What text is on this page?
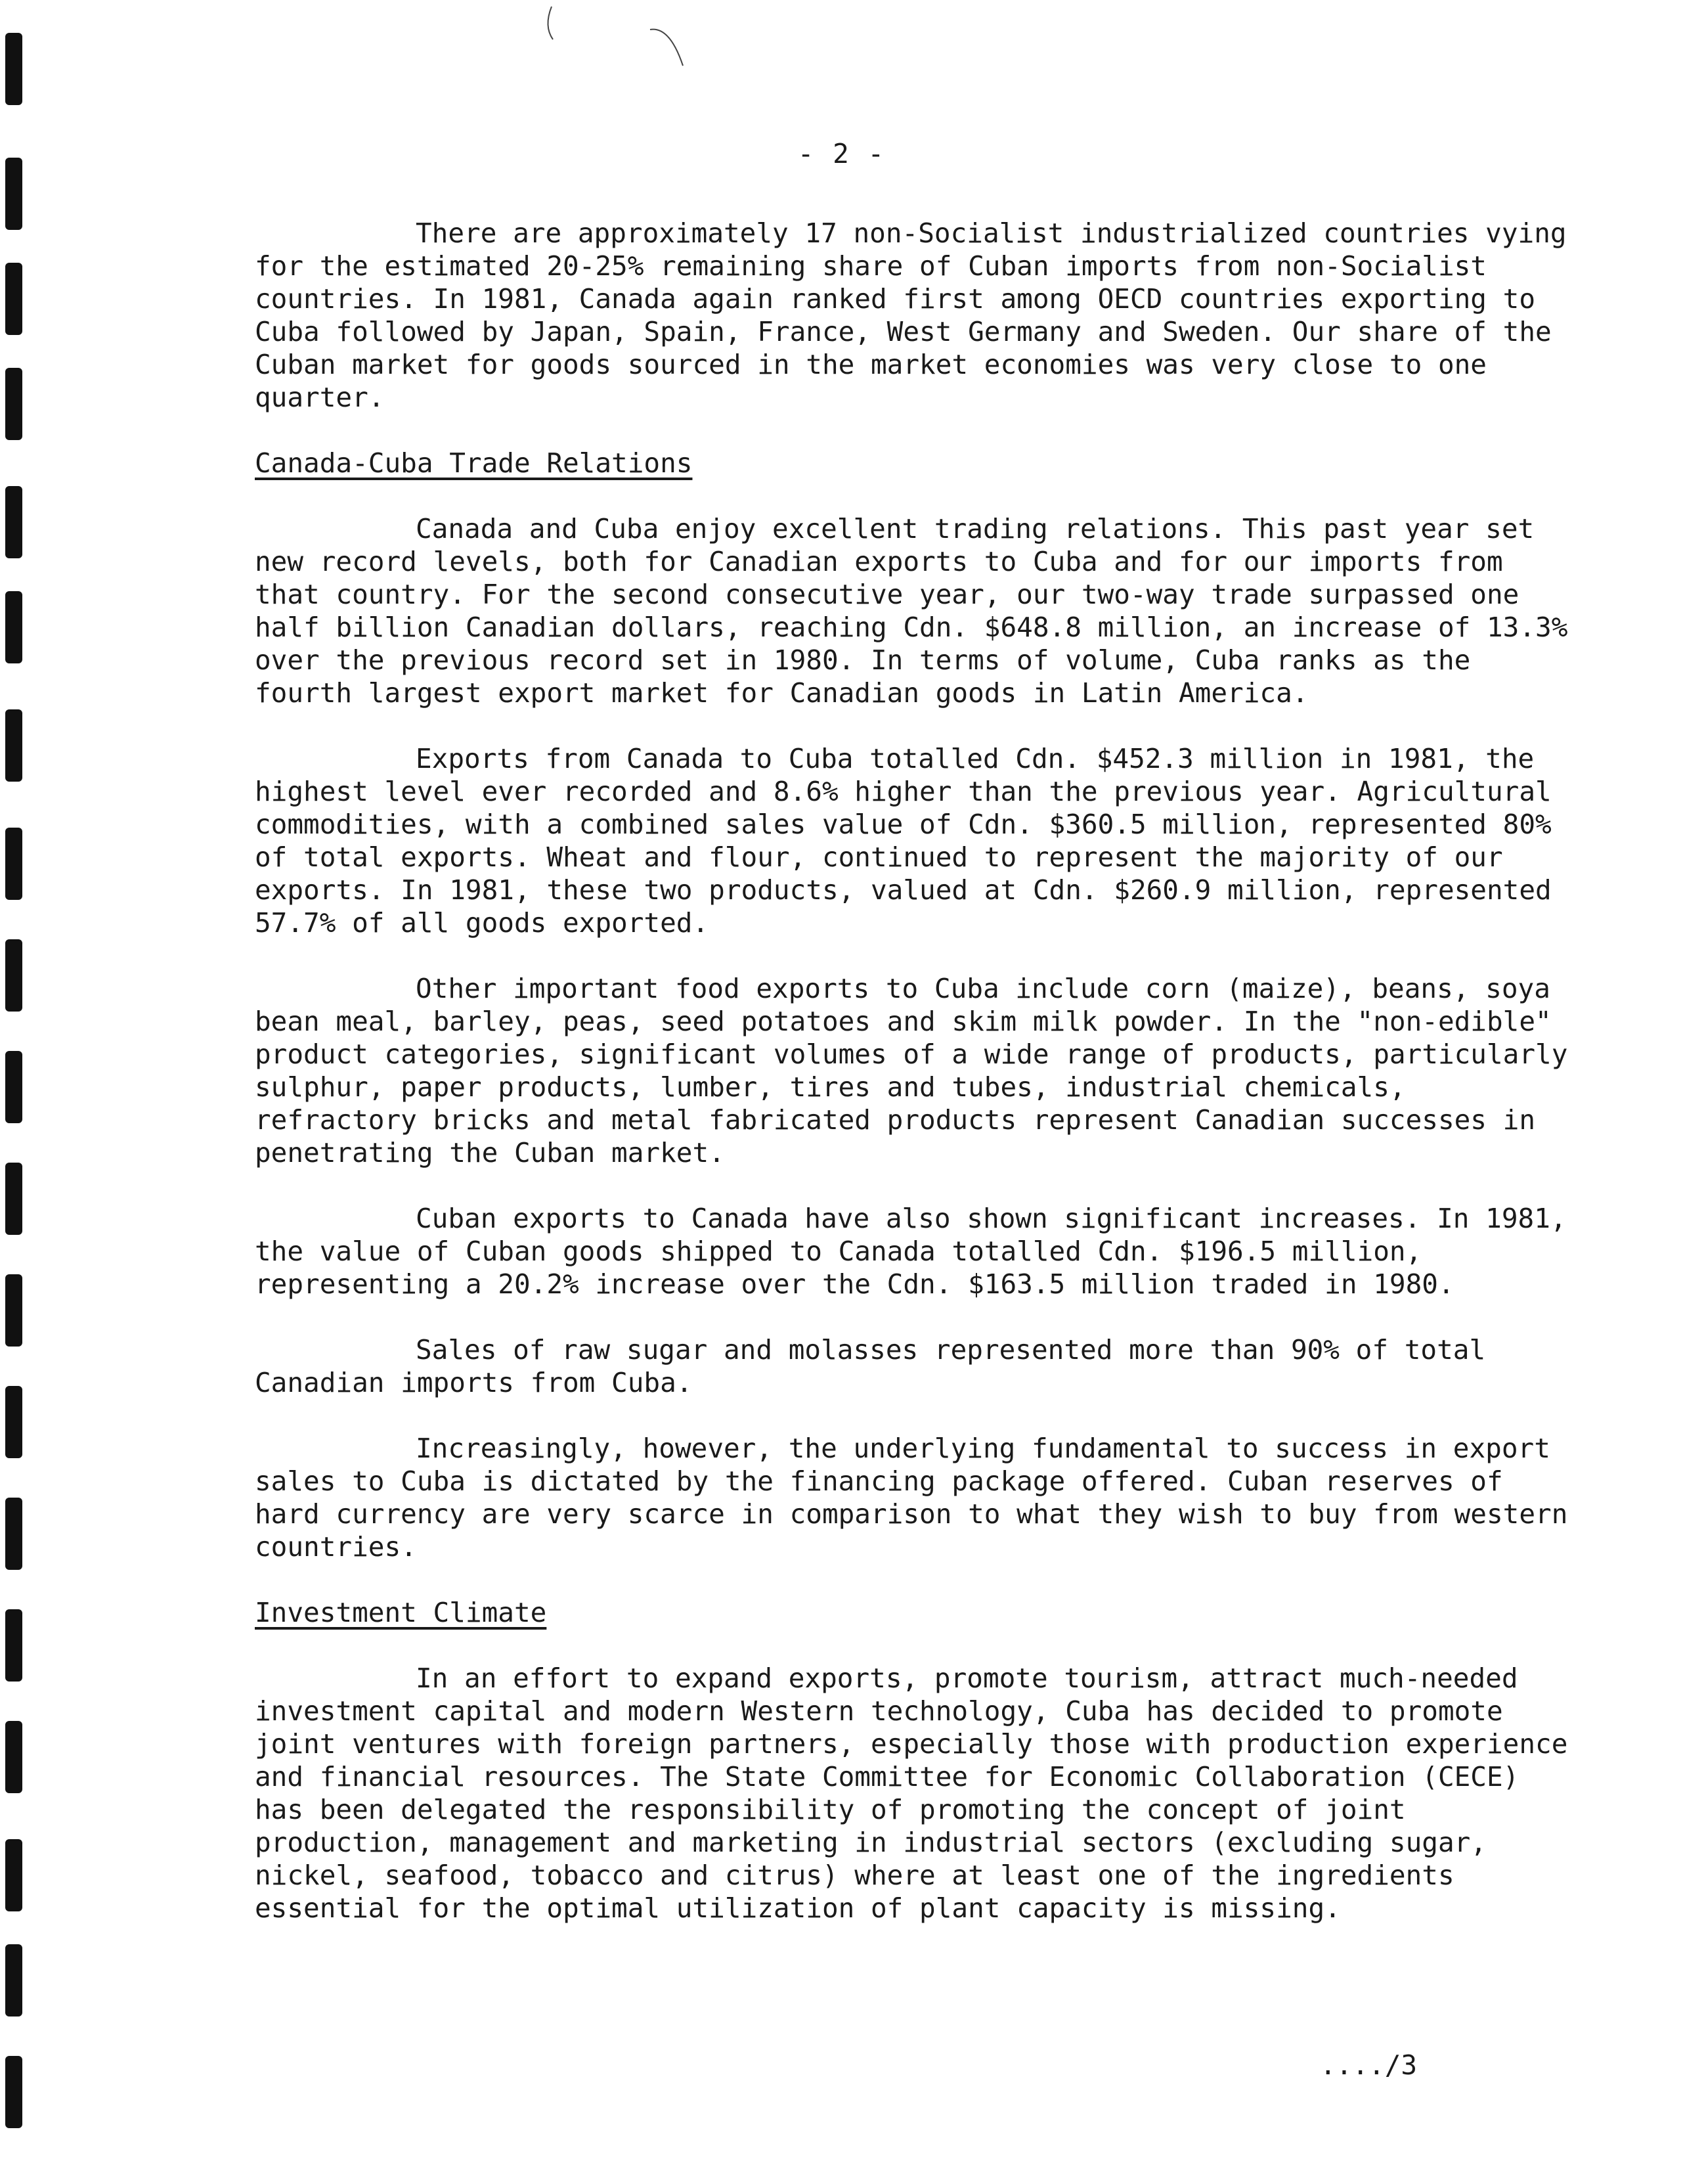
- 2 -

There are approximately 17 non-Socialist industrialized countries vying for the estimated 20-25% remaining share of Cuban imports from non-Socialist countries. In 1981, Canada again ranked first among OECD countries exporting to Cuba followed by Japan, Spain, France, West Germany and Sweden. Our share of the Cuban market for goods sourced in the market economies was very close to one quarter.

Canada-Cuba Trade Relations

Canada and Cuba enjoy excellent trading relations. This past year set new record levels, both for Canadian exports to Cuba and for our imports from that country. For the second consecutive year, our two-way trade surpassed one half billion Canadian dollars, reaching Cdn. $648.8 million, an increase of 13.3% over the previous record set in 1980. In terms of volume, Cuba ranks as the fourth largest export market for Canadian goods in Latin America.

Exports from Canada to Cuba totalled Cdn. $452.3 million in 1981, the highest level ever recorded and 8.6% higher than the previous year. Agricultural commodities, with a combined sales value of Cdn. $360.5 million, represented 80% of total exports. Wheat and flour, continued to represent the majority of our exports. In 1981, these two products, valued at Cdn. $260.9 million, represented 57.7% of all goods exported.

Other important food exports to Cuba include corn (maize), beans, soya bean meal, barley, peas, seed potatoes and skim milk powder. In the "non-edible" product categories, significant volumes of a wide range of products, particularly sulphur, paper products, lumber, tires and tubes, industrial chemicals, refractory bricks and metal fabricated products represent Canadian successes in penetrating the Cuban market.

Cuban exports to Canada have also shown significant increases. In 1981, the value of Cuban goods shipped to Canada totalled Cdn. $196.5 million, representing a 20.2% increase over the Cdn. $163.5 million traded in 1980.

Sales of raw sugar and molasses represented more than 90% of total Canadian imports from Cuba.

Increasingly, however, the underlying fundamental to success in export sales to Cuba is dictated by the financing package offered. Cuban reserves of hard currency are very scarce in comparison to what they wish to buy from western countries.

Investment Climate

In an effort to expand exports, promote tourism, attract much-needed investment capital and modern Western technology, Cuba has decided to promote joint ventures with foreign partners, especially those with production experience and financial resources. The State Committee for Economic Collaboration (CECE) has been delegated the responsibility of promoting the concept of joint production, management and marketing in industrial sectors (excluding sugar, nickel, seafood, tobacco and citrus) where at least one of the ingredients essential for the optimal utilization of plant capacity is missing.

..../3
